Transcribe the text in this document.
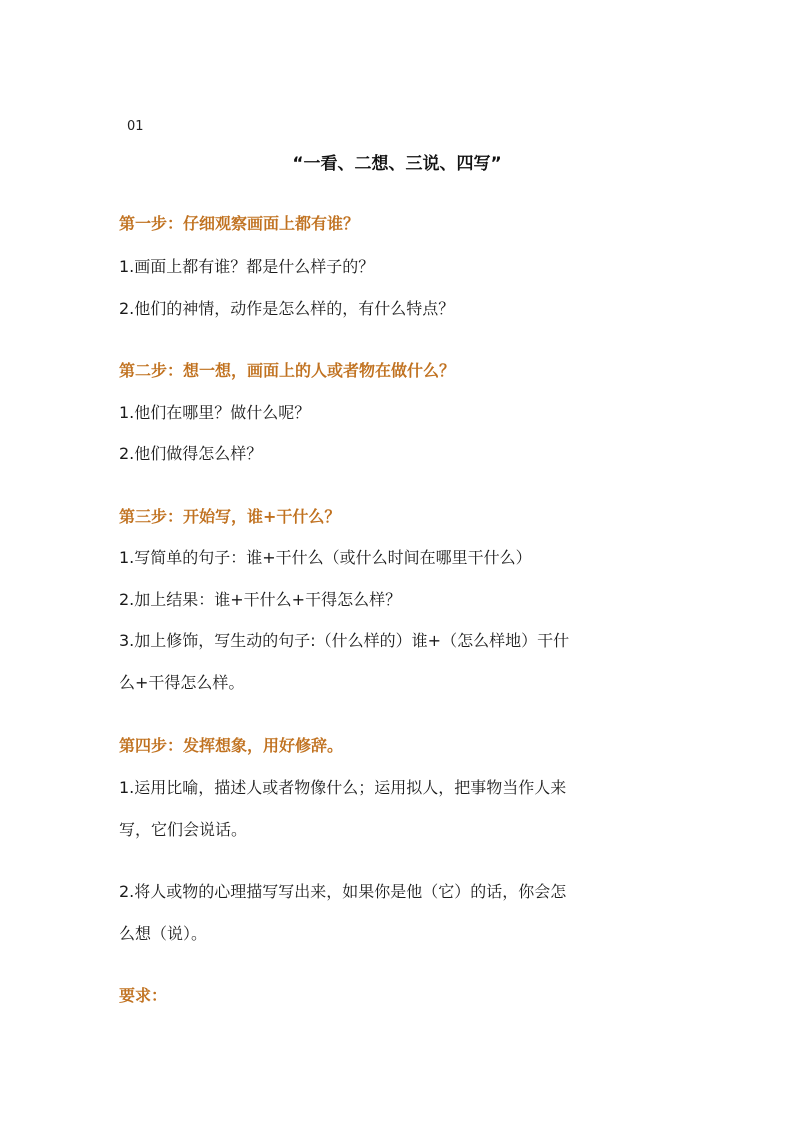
01
“一看、二想、三说、四写”
第一步：仔细观察画面上都有谁？
1.画面上都有谁？都是什么样子的？
2.他们的神情，动作是怎么样的，有什么特点？
第二步：想一想，画面上的人或者物在做什么？
1.他们在哪里？做什么呢？
2.他们做得怎么样？
第三步：开始写，谁+干什么？
1.写简单的句子：谁+干什么（或什么时间在哪里干什么）
2.加上结果：谁+干什么+干得怎么样？
3.加上修饰，写生动的句子:（什么样的）谁+（怎么样地）干什
么+干得怎么样。
第四步：发挥想象，用好修辞。
1.运用比喻，描述人或者物像什么；运用拟人，把事物当作人来
写，它们会说话。
2.将人或物的心理描写写出来，如果你是他（它）的话，你会怎
么想（说）。
要求：
